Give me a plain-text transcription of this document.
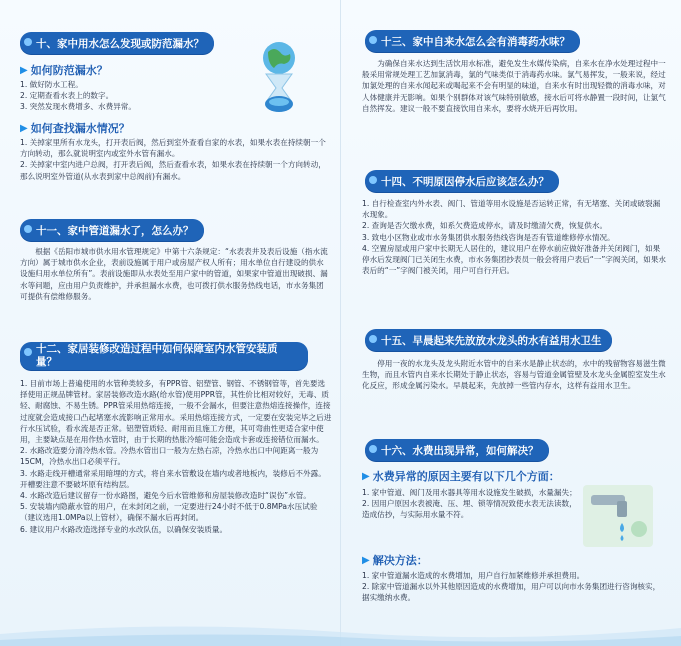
十、家中用水怎么发现或防范漏水？
▶ 如何防范漏水？
1. 做好防水工程。
2. 定期查看水表上的数字。
3. 突然发现水费增多、水费异常。
▶ 如何查找漏水情况？
1. 关掉家里所有水龙头，打开表后阀，然后到室外查看自家的水表，如果水表在持续朝一个方向转动，那么就说明室内或室外水管有漏水。
2. 关掉家中室内进户总阀，打开表后阀，然后查看水表，如果水表在持续朝一个方向转动，那么说明室外管道(从水表到家中总阀前)有漏水。
十一、家中管道漏水了，怎么办？

根据《岳阳市城市供水用水管理规定》中第十六条规定：“水表表井及表后设施（指水流方向）属于城市供水企业，表前设施属于用户或房屋产权人所有；用水单位自行建设的供水设施归用水单位所有”。表前设施即从水表处至用户家中的管道，如果家中管道出现破损、漏水等问题，应由用户负责维护，并承担漏水水费，也可拨打供水服务热线电话，市水务集团可提供有偿维修服务。

十二、家居装修改造过程中如何保障室内水管安装质量？
1. 目前市场上普遍使用的水管种类较多，有PPR管、铝塑管、钢管、不锈钢管等，首先要选择使用正规品牌管材。家居装修改造水路(给水管)使用PPR管，其性价比相对较好，无毒、质轻、耐腐蚀、不易生锈。PPR管采用热熔连接，一般不会漏水，但要注意热熔连接操作，连接过度就会造成接口凸起堵塞水流影响正常用水。采用热熔连接方式，一定要在安装完毕之后进行水压试验，看水流是否正常。铝塑管质轻、耐用而且施工方便，其可弯曲性更适合家中使用，主要缺点是在用作热水管时，由于长期的热胀冷缩可能会造成卡套或连接错位而漏水。
2. 水路改造要分清冷热水管。冷热水管出口一般为左热右凉，冷热水出口中间距离一般为15CM，冷热水出口必须平行。
3. 水路走线开槽通常采用暗埋的方式，将自来水管敷设在墙内或者地板内，装修后不外露。开槽要注意不要破坏原有结构层。
4. 水路改造后建议留存一份水路图，避免今后水管维修和房屋装修改造时“误伤”水管。
5. 安装墙内隐蔽水管的用户，在未封闭之前，一定要进行24小时不低于0.8MPa水压试验（建议选用1.0MPa以上管材），确保不漏水后再封闭。
6. 建议用户水路改造选择专业的水改队伍，以确保安装质量。
十三、家中自来水怎么会有消毒药水味？

为确保自来水达到生活饮用水标准，避免发生水媒传染病，自来水在净水处理过程中一般采用常规处理工艺加氯消毒，氯的气味类似于消毒药水味。氯气易挥发，一般来说，经过加氯处理的自来水闻起来或喝起来不会有明显的味道，自来水有时出现轻微的消毒水味，对人体健康并无影响。如果个别群体对该气味特别敏感，接水后可将水静置一段时间，让氯气自然挥发。建议一般不要直接饮用自来水，要将水烧开后再饮用。

十四、不明原因停水后应该怎么办？
1. 自行检查室内外水表、阀门、管道等用水设施是否运转正常，有无堵塞、关闭或破裂漏水现象。
2. 查询是否欠缴水费，如系欠费造成停水，请及时缴清欠费，恢复供水。
3. 致电小区物业或市水务集团供水服务热线咨询是否有管道维修停水情况。
4. 空置房屋或用户家中长期无人居住的，建议用户在停水前应做好准备并关闭阀门，如果停水后发现阀门已关闭生水费，市水务集团抄表员一般会将用户表后“一”字阀关闭，如果水表后的“一”字阀门被关闭，用户可自行开启。
十五、早晨起来先放放水龙头的水有益用水卫生

停用一夜的水龙头及龙头附近水管中的自来水是静止状态的，水中的残留物容易滋生微生物，而且水管内自来水长期处于静止状态，容易与管道金属管壁及水龙头金属腔室发生水化反应，形成金属污染水。早晨起来，先放掉一些管内存水，这样有益用水卫生。

十六、水费出现异常，如何解决？
▶ 水费异常的原因主要有以下几个方面：
1. 家中管道、阀门及用水器具等用水设施发生破损，水量漏失；
2. 因用户原因水表被淹、压、埋、锁等情况致使水表无法读数，造成估抄，与实际用水量不符。
▶ 解决方法：
1. 家中管道漏水造成的水费增加，用户自行加紧维修并承担费用。
2. 除家中管道漏水以外其他原因造成的水费增加，用户可以向市水务集团进行咨询核实，据实缴纳水费。
